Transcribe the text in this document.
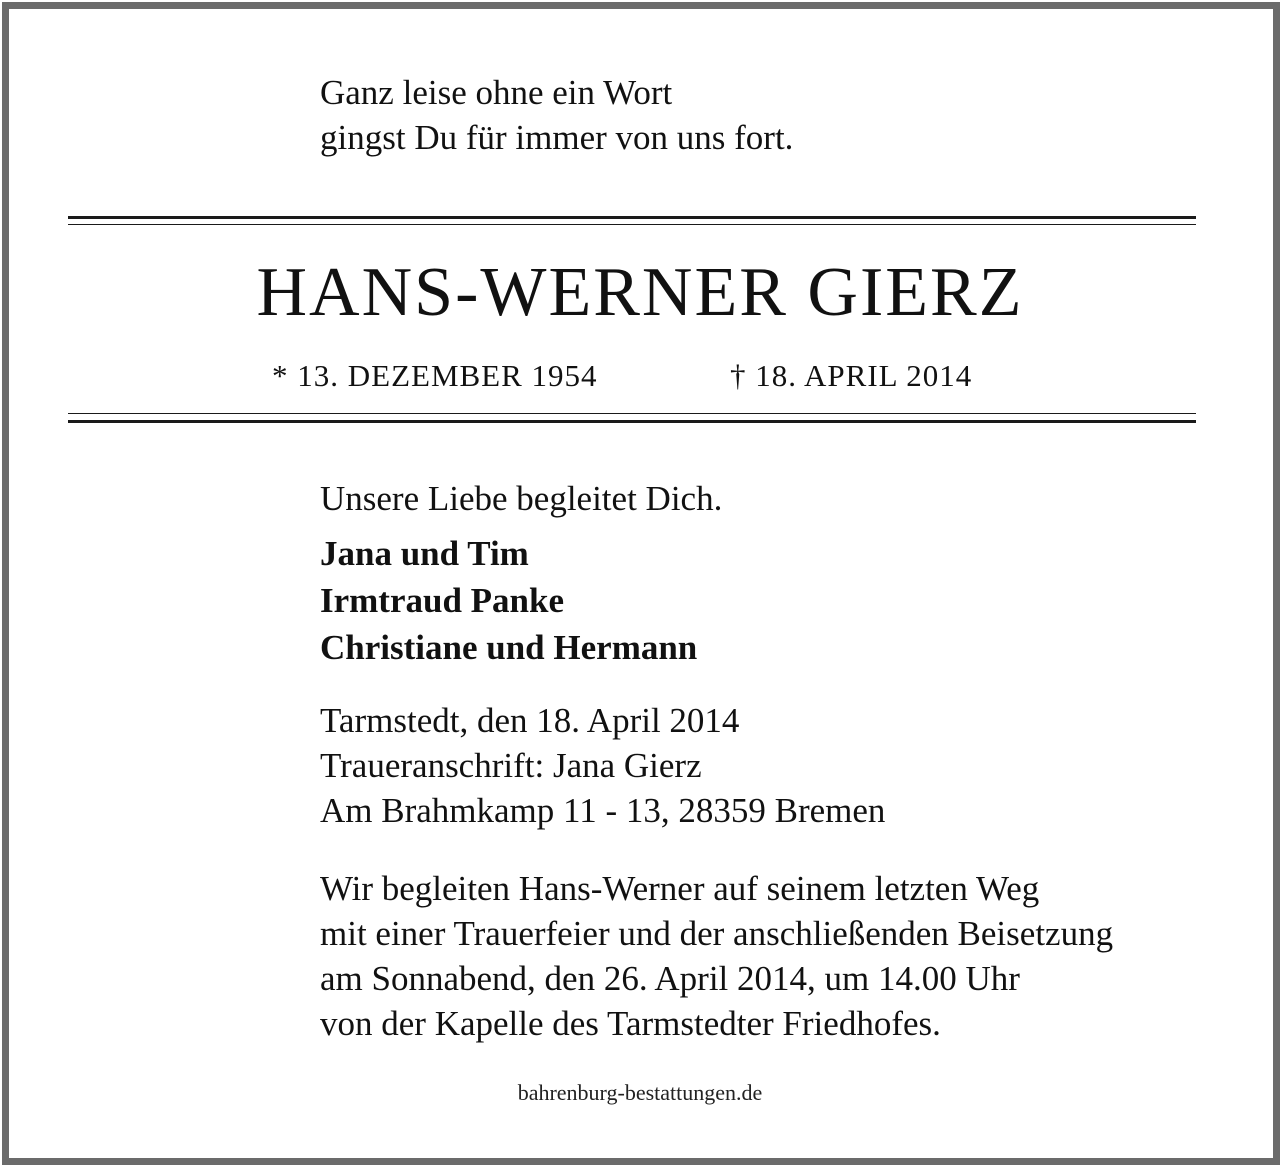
Ganz leise ohne ein Wort
gingst Du für immer von uns fort.
HANS-WERNER GIERZ
* 13. DEZEMBER 1954	† 18. APRIL 2014
Unsere Liebe begleitet Dich.
Jana und Tim
Irmtraud Panke
Christiane und Hermann
Tarmstedt, den 18. April 2014
Traueranschrift: Jana Gierz
Am Brahmkamp 11 - 13, 28359 Bremen
Wir begleiten Hans-Werner auf seinem letzten Weg
mit einer Trauerfeier und der anschließenden Beisetzung
am Sonnabend, den 26. April 2014, um 14.00 Uhr
von der Kapelle des Tarmstedter Friedhofes.
bahrenburg-bestattungen.de
